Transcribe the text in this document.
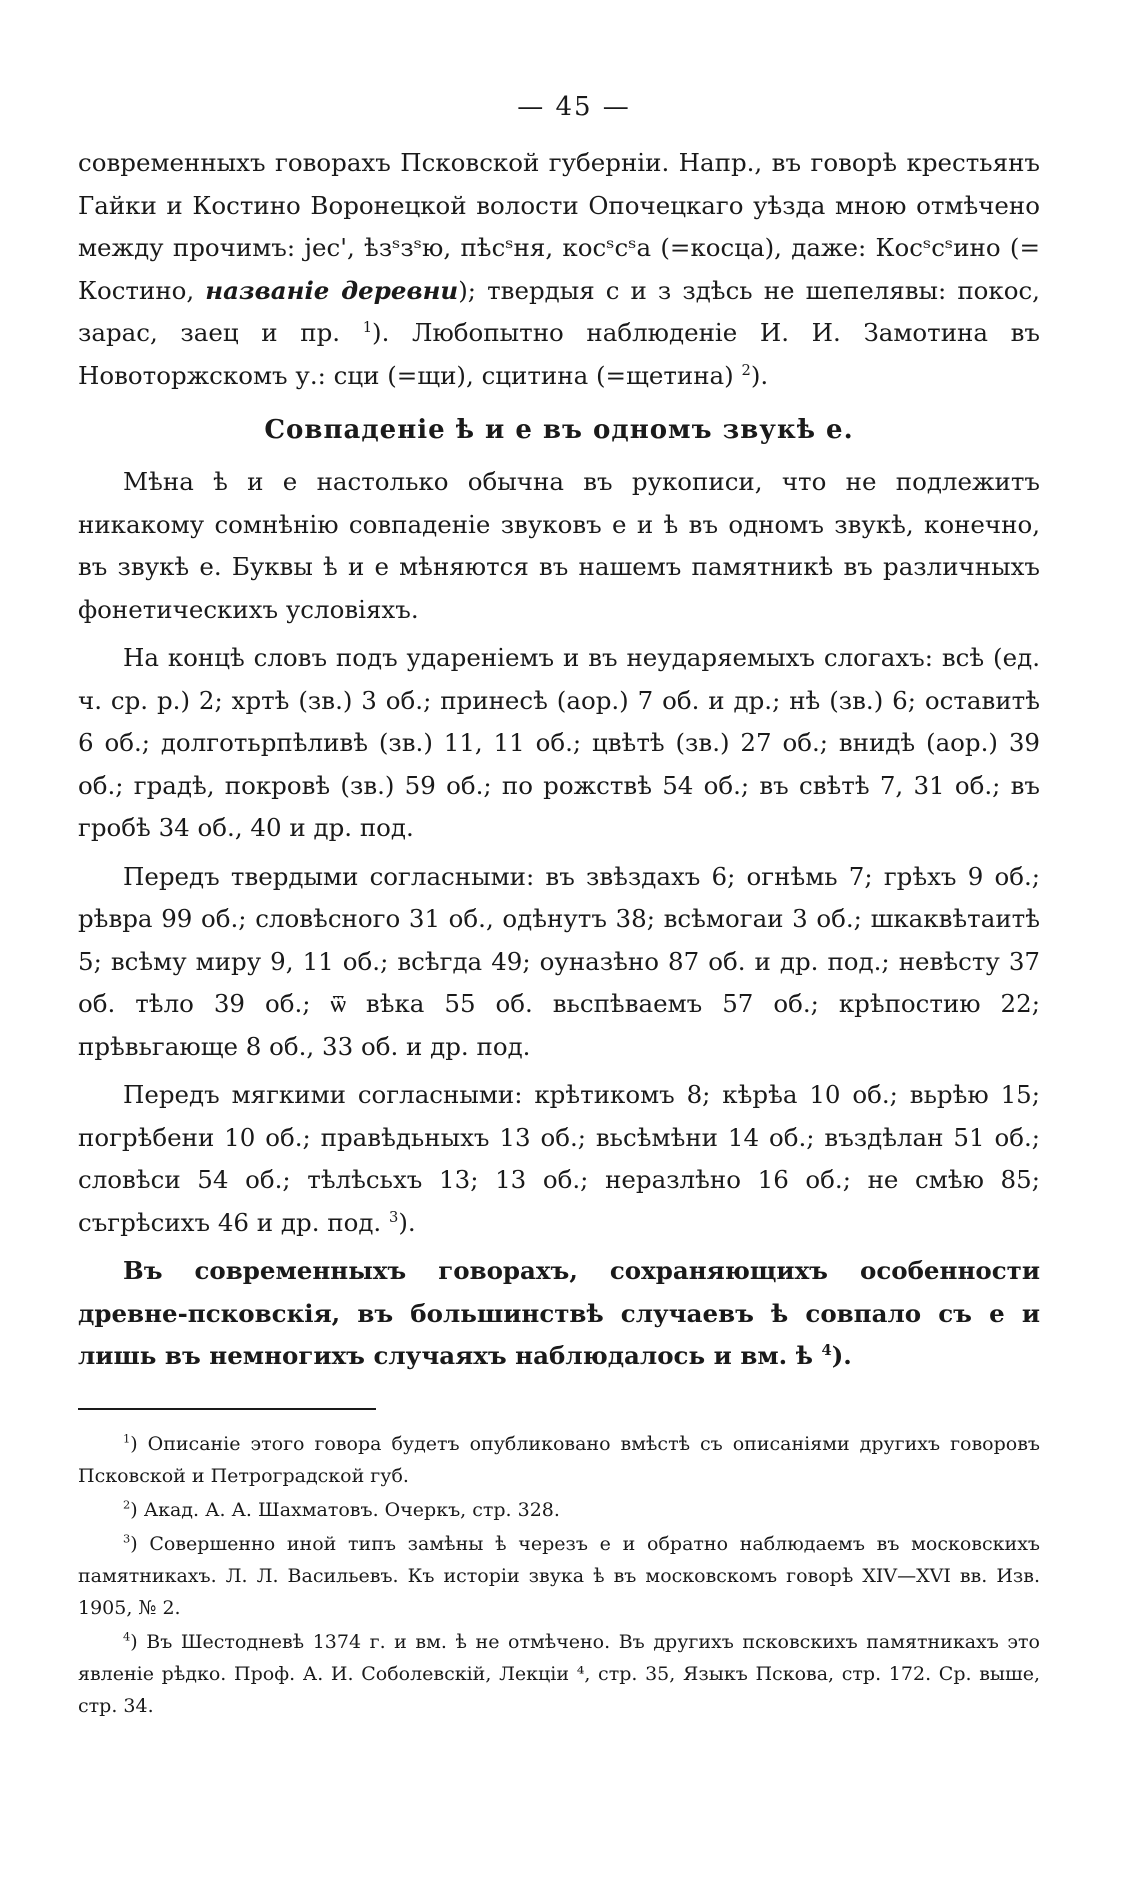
— 45 —

современныхъ говорахъ Псковской губерніи. Напр., въ говорѣ крестьянъ Гайки и Костино Воронецкой волости Опочецкаго уѣзда мною отмѣчено между прочимъ: jес', ѣзˢзˢю, пѣсˢня, косˢсˢа (=косца), даже: Косˢсˢино (= Костино, названіе деревни); твердыя с и з здѣсь не шепелявы: покос, зарас, заец и пр. $^1$). Любопытно наблюденіе И. И. Замотина въ Новоторжскомъ у.: сци (=щи), сцитина (=щетина) $^2$).

Совпаденіе ѣ и е въ одномъ звукѣ е.

Мѣна ѣ и е настолько обычна въ рукописи, что не подлежитъ никакому сомнѣнію совпаденіе звуковъ е и ѣ въ одномъ звукѣ, конечно, въ звукѣ е. Буквы ѣ и е мѣняются въ нашемъ памятникѣ въ различныхъ фонетическихъ условіяхъ.

На концѣ словъ подъ удареніемъ и въ неударяемыхъ слогахъ: всѣ (ед. ч. ср. р.) 2; хртѣ (зв.) 3 об.; принесѣ (аор.) 7 об. и др.; нѣ (зв.) 6; оставитѣ 6 об.; долготьрпѣливѣ (зв.) 11, 11 об.; цвѣтѣ (зв.) 27 об.; внидѣ (аор.) 39 об.; градѣ, покровѣ (зв.) 59 об.; по рожствѣ 54 об.; въ свѣтѣ 7, 31 об.; въ гробѣ 34 об., 40 и др. под.

Передъ твердыми согласными: въ звѣздахъ 6; огнѣмь 7; грѣхъ 9 об.; рѣвра 99 об.; словѣсного 31 об., одѣнутъ 38; всѣмогаи 3 об.; шкаквѣтаитѣ 5; всѣму миру 9, 11 об.; всѣгда 49; оуназѣно 87 об. и др. под.; невѣсту 37 об. тѣло 39 об.; ѿ вѣка 55 об. вьспѣваемъ 57 об.; крѣпостию 22; прѣвьгающе 8 об., 33 об. и др. под.

Передъ мягкими согласными: крѣтикомъ 8; кѣрѣа 10 об.; вьрѣю 15; погрѣбени 10 об.; правѣдьныхъ 13 об.; вьсѣмѣни 14 об.; въздѣлан 51 об.; словѣси 54 об.; тѣлѣсьхъ 13; 13 об.; неразлѣно 16 об.; не смѣю 85; съгрѣсихъ 46 и др. под. $^3$).

Въ современныхъ говорахъ, сохраняющихъ особенности древне-псковскія, въ большинствѣ случаевъ ѣ совпало съ е и лишь въ немногихъ случаяхъ наблюдалось и вм. ѣ $^4$).

$^1$) Описаніе этого говора будетъ опубликовано вмѣстѣ съ описаніями другихъ говоровъ Псковской и Петроградской губ.

$^2$) Акад. А. А. Шахматовъ. Очеркъ, стр. 328.

$^3$) Совершенно иной типъ замѣны ѣ черезъ е и обратно наблюдаемъ въ московскихъ памятникахъ. Л. Л. Васильевъ. Къ исторіи звука ѣ въ московскомъ говорѣ XIV—XVI вв. Изв. 1905, № 2.

$^4$) Въ Шестодневѣ 1374 г. и вм. ѣ не отмѣчено. Въ другихъ псковскихъ памятникахъ это явленіе рѣдко. Проф. А. И. Соболевскій, Лекціи ⁴, стр. 35, Языкъ Пскова, стр. 172. Ср. выше, стр. 34.
